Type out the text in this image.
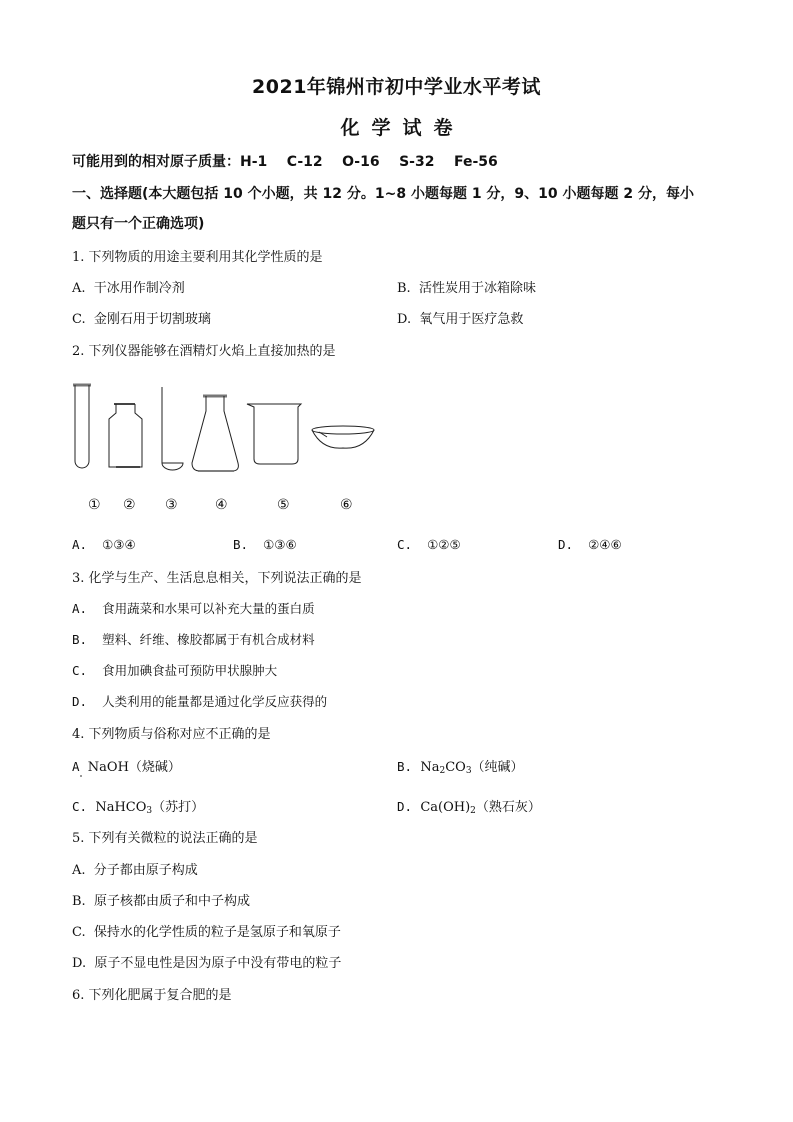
2021年锦州市初中学业水平考试
化学试卷
可能用到的相对原子质量：H-1    C-12    O-16    S-32    Fe-56
一、选择题(本大题包括 10 个小题，共 12 分。1~8 小题每题 1 分，9、10 小题每题 2 分，每小
题只有一个正确选项)
1. 下列物质的用途主要利用其化学性质的是
A.  干冰用作制冷剂	B.  活性炭用于冰箱除味
C.  金刚石用于切割玻璃	D.  氧气用于医疗急救
2. 下列仪器能够在酒精灯火焰上直接加热的是
① ② ③	④	⑤	⑥
A.  ①③④	B.  ①③⑥	C.  ①②⑤	D.  ②④⑥
3. 化学与生产、生活息息相关，下列说法正确的是
A.  食用蔬菜和水果可以补充大量的蛋白质
B.  塑料、纤维、橡胶都属于有机合成材料
C.  食用加碘食盐可预防甲状腺肿大
D.  人类利用的能量都是通过化学反应获得的
4. 下列物质与俗称对应不正确的是
A NaOH（烧碱）	B. $Na_2CO_3$（纯碱）
C. NaHCO$_3$（苏打）	D. $Ca(OH)_2$（熟石灰）
5. 下列有关微粒的说法正确的是
A.  分子都由原子构成
B.  原子核都由质子和中子构成
C.  保持水的化学性质的粒子是氢原子和氧原子
D.  原子不显电性是因为原子中没有带电的粒子
6. 下列化肥属于复合肥的是
